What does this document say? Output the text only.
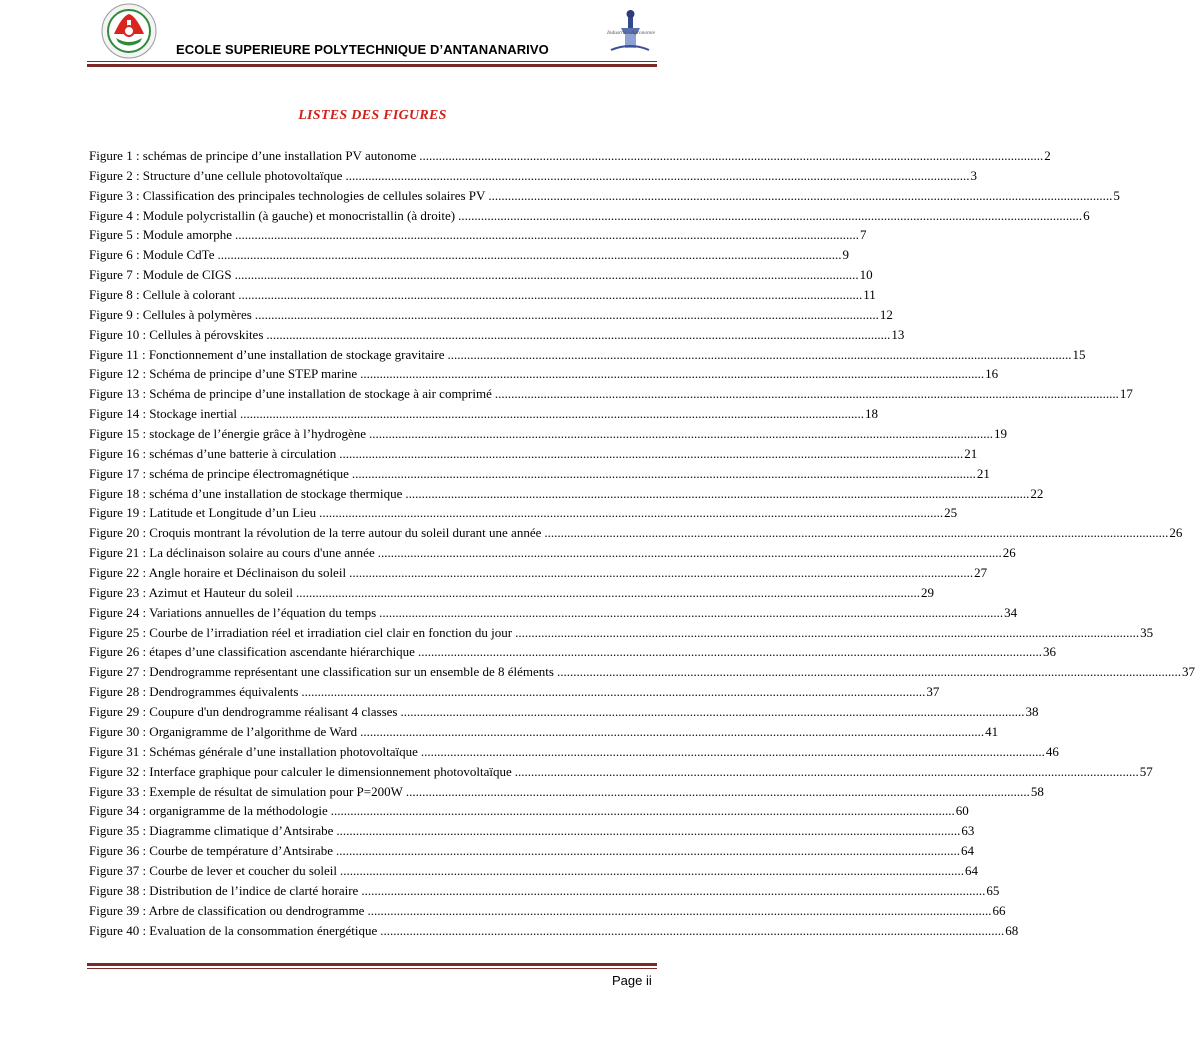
ECOLE SUPERIEURE POLYTECHNIQUE D’ANTANANARIVO
Industrie · Agronomie
LISTES DES FIGURES
Figure 1 : schémas de principe d’une installation PV autonome .....	2
Figure 2 : Structure d’une cellule photovoltaïque .....	3
Figure 3 : Classification des principales technologies de cellules solaires PV .....	5
Figure 4 : Module polycristallin (à gauche) et monocristallin (à droite) .....	6
Figure 5 : Module amorphe .....	7
Figure 6 : Module CdTe .....	9
Figure 7 : Module de CIGS .....	10
Figure 8 : Cellule à colorant .....	11
Figure 9 : Cellules à polymères .....	12
Figure 10 : Cellules à pérovskites .....	13
Figure 11 : Fonctionnement d’une installation de stockage gravitaire .....	15
Figure 12 : Schéma de principe d’une STEP marine .....	16
Figure 13 : Schéma de principe d’une installation de stockage à air comprimé .....	17
Figure 14 : Stockage inertial .....	18
Figure 15 : stockage de l’énergie grâce à l’hydrogène .....	19
Figure 16 : schémas d’une batterie à circulation .....	21
Figure 17 : schéma de principe électromagnétique .....	21
Figure 18 : schéma d’une installation de stockage thermique .....	22
Figure 19 : Latitude et Longitude d’un Lieu .....	25
Figure 20 : Croquis montrant la révolution de la terre autour du soleil durant une année .....	26
Figure 21 : La déclinaison solaire au cours d'une année .....	26
Figure 22 : Angle horaire et Déclinaison du soleil .....	27
Figure 23 : Azimut et Hauteur du soleil .....	29
Figure 24 : Variations annuelles de l’équation du temps .....	34
Figure 25 : Courbe de l’irradiation réel et irradiation ciel clair en fonction du jour .....	35
Figure 26 : étapes d’une classification ascendante hiérarchique .....	36
Figure 27 : Dendrogramme représentant une classification sur un ensemble de 8 éléments .....	37
Figure 28 : Dendrogrammes équivalents .....	37
Figure 29 : Coupure d'un dendrogramme réalisant 4 classes .....	38
Figure 30 : Organigramme de l’algorithme de Ward .....	41
Figure 31 : Schémas générale d’une installation photovoltaïque .....	46
Figure 32 : Interface graphique pour calculer le dimensionnement photovoltaïque .....	57
Figure 33 : Exemple de résultat de simulation pour P=200W .....	58
Figure 34 : organigramme de la méthodologie .....	60
Figure 35 : Diagramme climatique d’Antsirabe .....	63
Figure 36 : Courbe de température d’Antsirabe .....	64
Figure 37 : Courbe de lever et coucher du soleil .....	64
Figure 38 : Distribution de l’indice de clarté horaire .....	65
Figure 39 : Arbre de classification ou dendrogramme .....	66
Figure 40 : Evaluation de la consommation énergétique .....	68
Page ii
